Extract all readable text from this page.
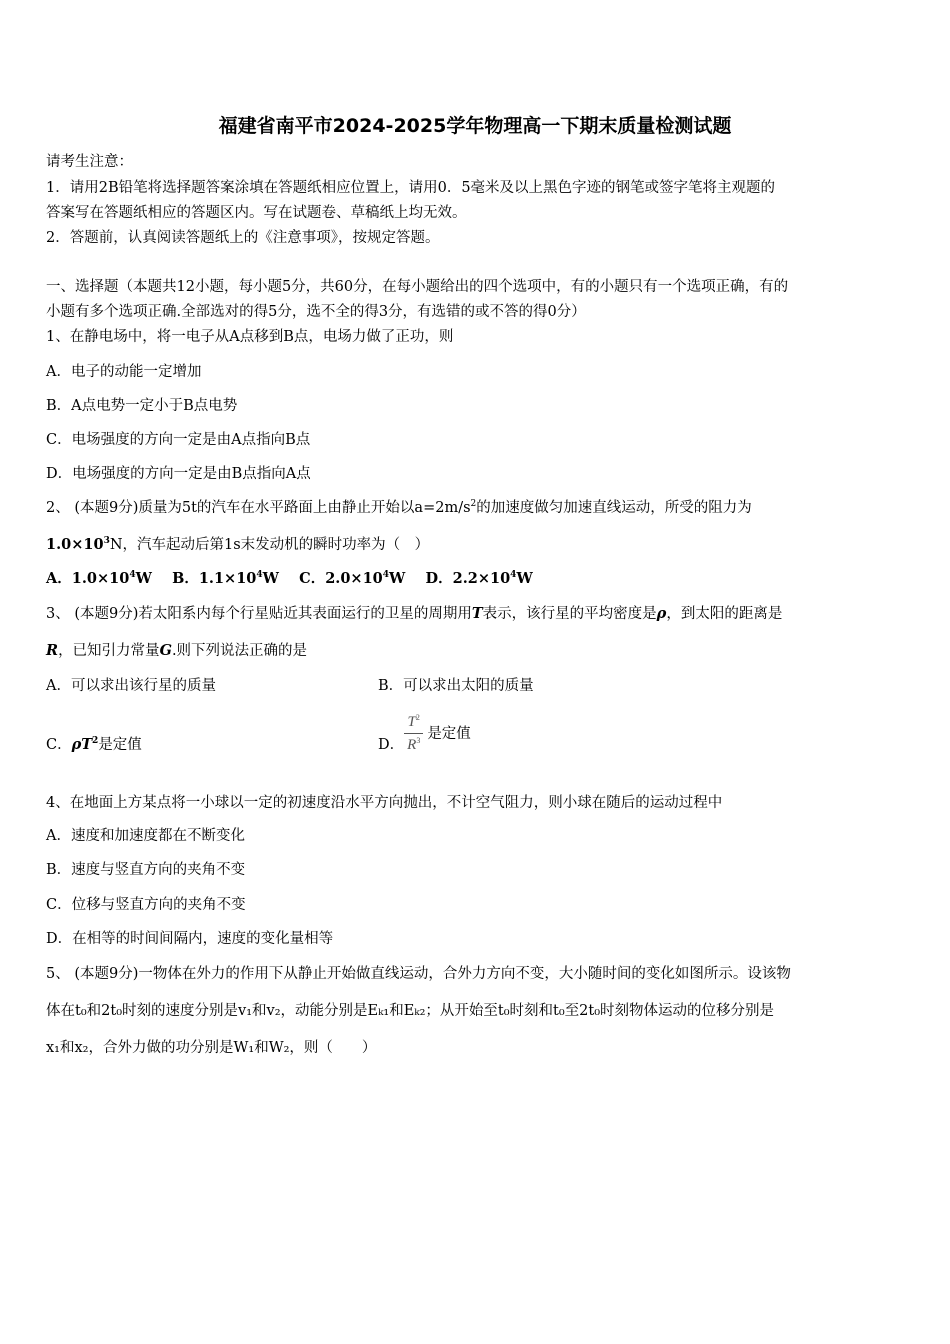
福建省南平市2024-2025学年物理高一下期末质量检测试题
请考生注意：
1．请用2B铅笔将选择题答案涂填在答题纸相应位置上，请用0．5毫米及以上黑色字迹的钢笔或签字笔将主观题的
答案写在答题纸相应的答题区内。写在试题卷、草稿纸上均无效。
2．答题前，认真阅读答题纸上的《注意事项》，按规定答题。
一、选择题（本题共12小题，每小题5分，共60分，在每小题给出的四个选项中，有的小题只有一个选项正确，有的
小题有多个选项正确.全部选对的得5分，选不全的得3分，有选错的或不答的得0分）
1、在静电场中，将一电子从A点移到B点，电场力做了正功，则
A．电子的动能一定增加
B．A点电势一定小于B点电势
C．电场强度的方向一定是由A点指向B点
D．电场强度的方向一定是由B点指向A点
2、 (本题9分)质量为5t的汽车在水平路面上由静止开始以$a=2m/s^2$的加速度做匀加速直线运动，所受的阻力为
$1.0\times 10^3N$，汽车起动后第1s末发动机的瞬时功率为（　）
A．$1.0\times 10^4W$ B．$1.1\times 10^4W$ C．$2.0\times 10^4W$ D．$2.2\times 10^4W$
3、 (本题9分)若太阳系内每个行星贴近其表面运行的卫星的周期用T表示，该行星的平均密度是ρ，到太阳的距离是
R，已知引力常量G.则下列说法正确的是
A．可以求出该行星的质量	B．可以求出太阳的质量
C．$\rho T^2$是定值	D． $\frac{T^2}{R^3}$ 是定值
4、在地面上方某点将一小球以一定的初速度沿水平方向抛出，不计空气阻力，则小球在随后的运动过程中
A．速度和加速度都在不断变化
B．速度与竖直方向的夹角不变
C．位移与竖直方向的夹角不变
D．在相等的时间间隔内，速度的变化量相等
5、 (本题9分)一物体在外力的作用下从静止开始做直线运动，合外力方向不变，大小随时间的变化如图所示。设该物
体在t₀和2t₀时刻的速度分别是v₁和v₂，动能分别是Eₖ₁和Eₖ₂；从开始至t₀时刻和t₀至2t₀时刻物体运动的位移分别是
x₁和x₂，合外力做的功分别是W₁和W₂，则（　　）
